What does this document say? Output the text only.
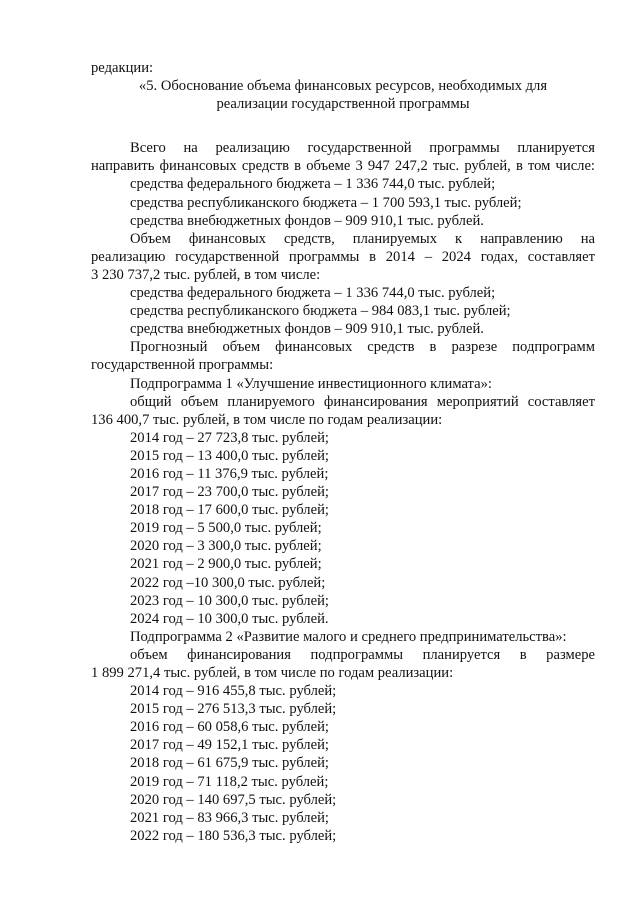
редакции:

«5. Обоснование объема финансовых ресурсов, необходимых для

реализации государственной программы

Всего на реализацию государственной программы планируется

направить финансовых средств в объеме 3 947 247,2 тыс. рублей, в том числе:

средства федерального бюджета – 1 336 744,0 тыс. рублей;

средства республиканского бюджета – 1 700 593,1 тыс. рублей;

средства внебюджетных фондов – 909 910,1 тыс. рублей.

Объем финансовых средств, планируемых к направлению на

реализацию государственной программы в 2014 – 2024 годах, составляет

3 230 737,2 тыс. рублей, в том числе:

средства федерального бюджета – 1 336 744,0 тыс. рублей;

средства республиканского бюджета – 984 083,1 тыс. рублей;

средства внебюджетных фондов – 909 910,1 тыс. рублей.

Прогнозный объем финансовых средств в разрезе подпрограмм

государственной программы:

Подпрограмма 1 «Улучшение инвестиционного климата»:

общий объем планируемого финансирования мероприятий составляет

136 400,7 тыс. рублей, в том числе по годам реализации:

2014 год – 27 723,8 тыс. рублей;
2015 год – 13 400,0 тыс. рублей;
2016 год – 11 376,9 тыс. рублей;
2017 год – 23 700,0 тыс. рублей;
2018 год – 17 600,0 тыс. рублей;
2019 год – 5 500,0 тыс. рублей;
2020 год – 3 300,0 тыс. рублей;
2021 год – 2 900,0 тыс. рублей;
2022 год –10 300,0 тыс. рублей;
2023 год – 10 300,0 тыс. рублей;
2024 год – 10 300,0 тыс. рублей.

Подпрограмма 2 «Развитие малого и среднего предпринимательства»:

объем финансирования подпрограммы планируется в размере

1 899 271,4 тыс. рублей, в том числе по годам реализации:

2014 год – 916 455,8 тыс. рублей;
2015 год – 276 513,3 тыс. рублей;
2016 год – 60 058,6 тыс. рублей;
2017 год – 49 152,1 тыс. рублей;
2018 год – 61 675,9 тыс. рублей;
2019 год – 71 118,2 тыс. рублей;
2020 год – 140 697,5 тыс. рублей;
2021 год – 83 966,3 тыс. рублей;
2022 год – 180 536,3 тыс. рублей;
